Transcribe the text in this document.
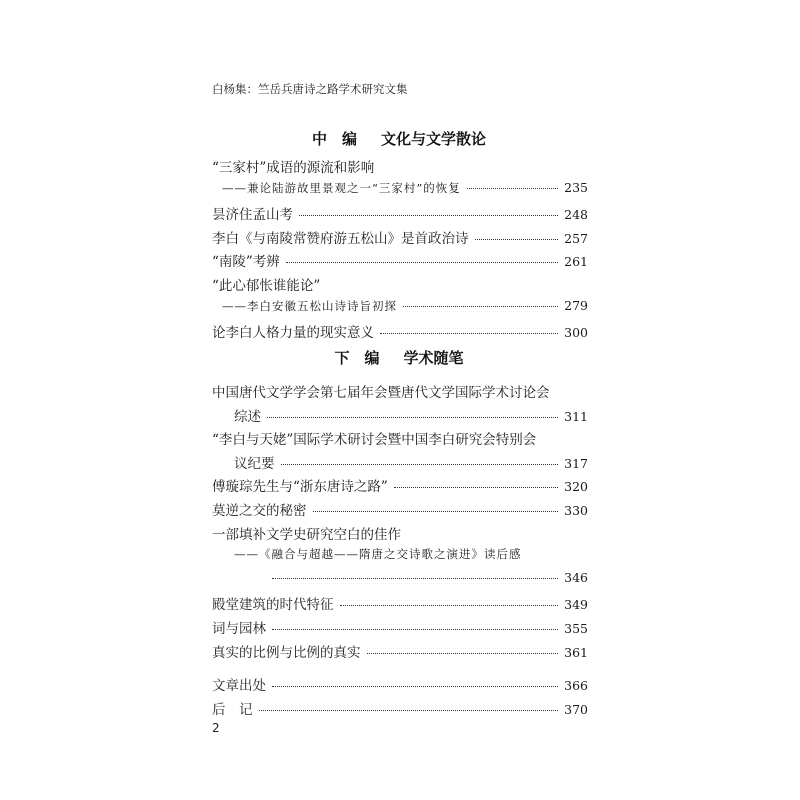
白杨集：竺岳兵唐诗之路学术研究文集
中　编 文化与文学散论
“三家村”成语的源流和影响
——兼论陆游故里景观之一“三家村”的恢复	235
昙济住孟山考	248
李白《与南陵常赞府游五松山》是首政治诗	257
“南陵”考辨	261
“此心郁怅谁能论”
——李白安徽五松山诗诗旨初探	279
论李白人格力量的现实意义	300
下　编 学术随笔
中国唐代文学学会第七届年会暨唐代文学国际学术讨论会
综述	311
“李白与天姥”国际学术研讨会暨中国李白研究会特别会
议纪要	317
傅璇琮先生与“浙东唐诗之路”	320
莫逆之交的秘密	330
一部填补文学史研究空白的佳作
——《融合与超越——隋唐之交诗歌之演进》读后感
346
殿堂建筑的时代特征	349
词与园林	355
真实的比例与比例的真实	361
文章出处	366
后　记	370
2
